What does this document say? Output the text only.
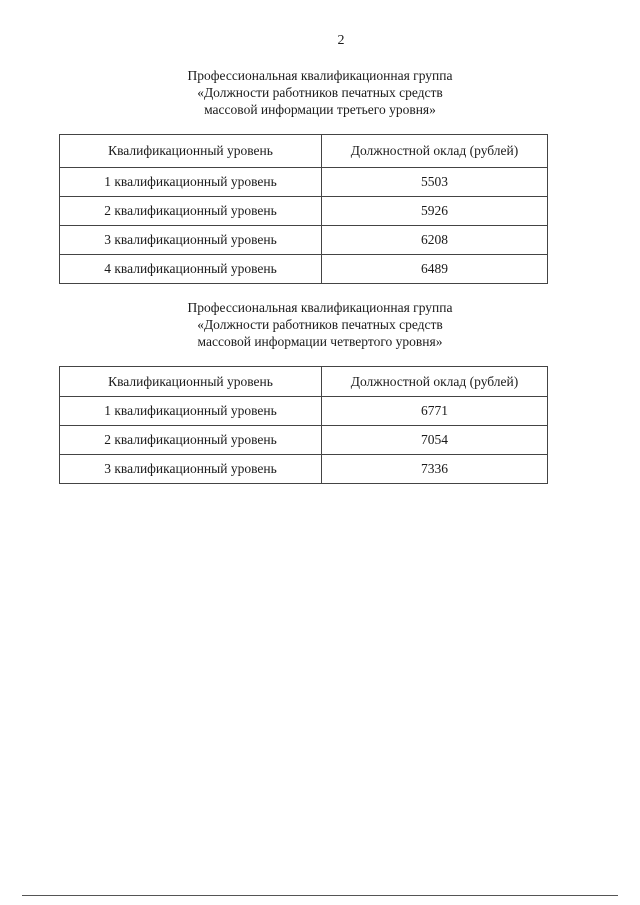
2
Профессиональная квалификационная группа
«Должности работников печатных средств
массовой информации третьего уровня»
Квалификационный уровень	Должностной оклад (рублей)
1 квалификационный уровень	5503
2 квалификационный уровень	5926
3 квалификационный уровень	6208
4 квалификационный уровень	6489
Профессиональная квалификационная группа
«Должности работников печатных средств
массовой информации четвертого уровня»
Квалификационный уровень	Должностной оклад (рублей)
1 квалификационный уровень	6771
2 квалификационный уровень	7054
3 квалификационный уровень	7336
